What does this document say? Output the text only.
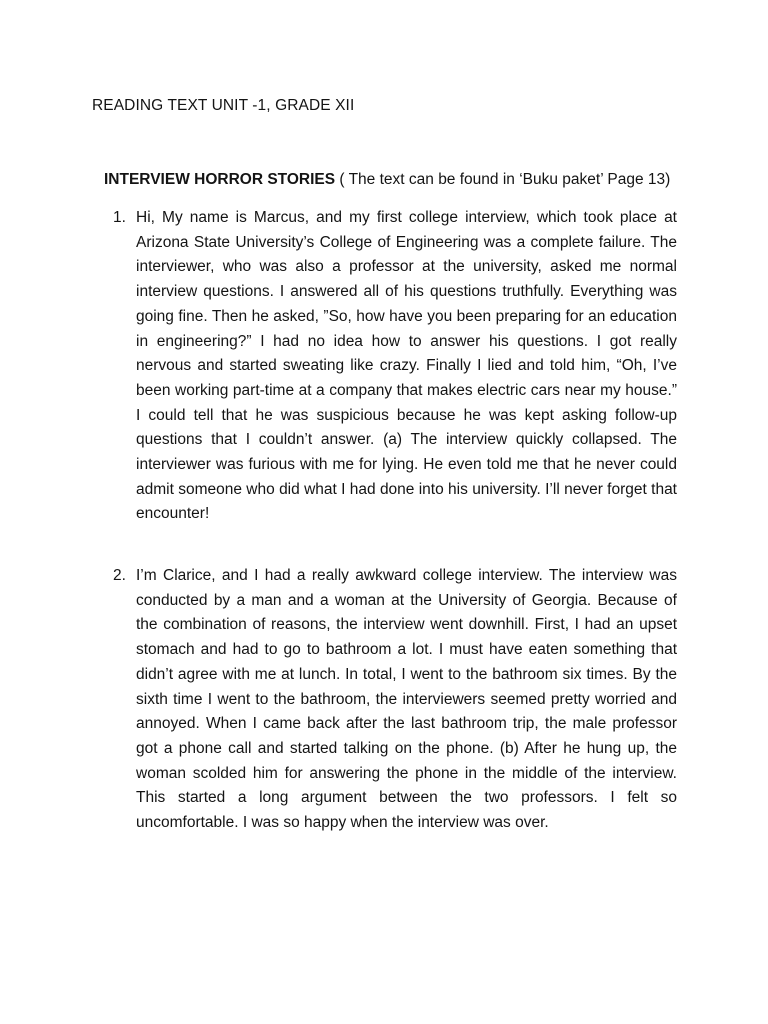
READING TEXT UNIT -1, GRADE XII
INTERVIEW HORROR STORIES ( The text can be found in ‘Buku paket’ Page 13)
1. Hi, My name is Marcus, and my first college interview, which took place at Arizona State University’s College of Engineering was a complete failure. The interviewer, who was also a professor at the university, asked me normal interview questions. I answered all of his questions truthfully. Everything was going fine. Then he asked, ”So, how have you been preparing for an education in engineering?” I had no idea how to answer his questions. I got really nervous and started sweating like crazy. Finally I lied and told him, “Oh, I’ve been working part-time at a company that makes electric cars near my house.” I could tell that he was suspicious because he was kept asking follow-up questions that I couldn’t answer. (a) The interview quickly collapsed. The interviewer was furious with me for lying. He even told me that he never could admit someone who did what I had done into his university. I’ll never forget that encounter!

2. I’m Clarice, and I had a really awkward college interview. The interview was conducted by a man and a woman at the University of Georgia. Because of the combination of reasons, the interview went downhill. First, I had an upset stomach and had to go to bathroom a lot. I must have eaten something that didn’t agree with me at lunch. In total, I went to the bathroom six times. By the sixth time I went to the bathroom, the interviewers seemed pretty worried and annoyed. When I came back after the last bathroom trip, the male professor got a phone call and started talking on the phone. (b) After he hung up, the woman scolded him for answering the phone in the middle of the interview. This started a long argument between the two professors. I felt so uncomfortable. I was so happy when the interview was over.
